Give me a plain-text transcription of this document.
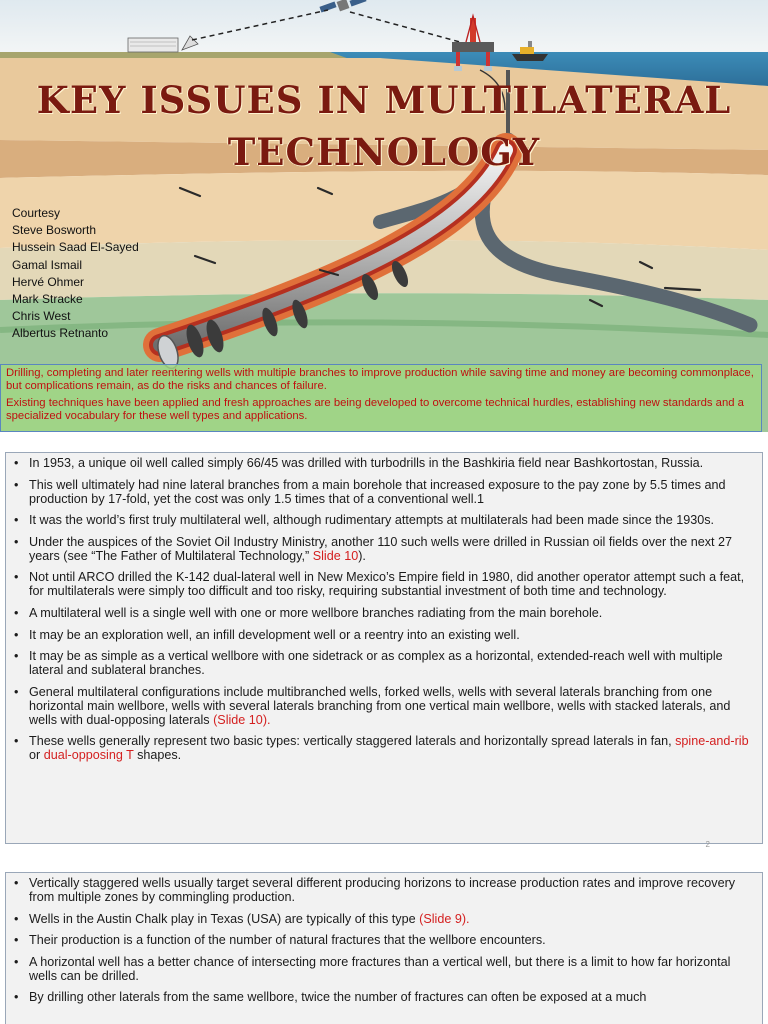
KEY ISSUES IN MULTILATERAL
TECHNOLOGY
Courtesy
Steve Bosworth
Hussein Saad El-Sayed
Gamal Ismail
Hervé Ohmer
Mark Stracke
Chris West
Albertus Retnanto

Drilling, completing and later reentering wells with multiple branches to improve production while saving time and money are becoming commonplace, but complications remain, as do the risks and chances of failure.

Existing techniques have been applied and fresh approaches are being developed to overcome technical hurdles, establishing new standards and a specialized vocabulary for these well types and applications.

• In 1953, a unique oil well called simply 66/45 was drilled with turbodrills in the Bashkiria field near Bashkortostan, Russia.
• This well ultimately had nine lateral branches from a main borehole that increased exposure to the pay zone by 5.5 times and production by 17-fold, yet the cost was only 1.5 times that of a conventional well.1
• It was the world’s first truly multilateral well, although rudimentary attempts at multilaterals had been made since the 1930s.
• Under the auspices of the Soviet Oil Industry Ministry, another 110 such wells were drilled in Russian oil fields over the next 27 years (see “The Father of Multilateral Technology,” Slide 10).
• Not until ARCO drilled the K-142 dual-lateral well in New Mexico’s Empire field in 1980, did another operator attempt such a feat, for multilaterals were simply too difficult and too risky, requiring substantial investment of both time and technology.
• A multilateral well is a single well with one or more wellbore branches radiating from the main borehole.
• It may be an exploration well, an infill development well or a reentry into an existing well.
• It may be as simple as a vertical wellbore with one sidetrack or as complex as a horizontal, extended-reach well with multiple lateral and sublateral branches.
• General multilateral configurations include multibranched wells, forked wells, wells with several laterals branching from one horizontal main wellbore, wells with several laterals branching from one vertical main wellbore, wells with stacked laterals, and wells with dual-opposing laterals (Slide 10).
• These wells generally represent two basic types: vertically staggered laterals and horizontally spread laterals in fan, spine-and-rib or dual-opposing T shapes.
2
• Vertically staggered wells usually target several different producing horizons to increase production rates and improve recovery from multiple zones by commingling production.
• Wells in the Austin Chalk play in Texas (USA) are typically of this type (Slide 9).
• Their production is a function of the number of natural fractures that the wellbore encounters.
• A horizontal well has a better chance of intersecting more fractures than a vertical well, but there is a limit to how far horizontal wells can be drilled.
• By drilling other laterals from the same wellbore, twice the number of fractures can often be exposed at a much
